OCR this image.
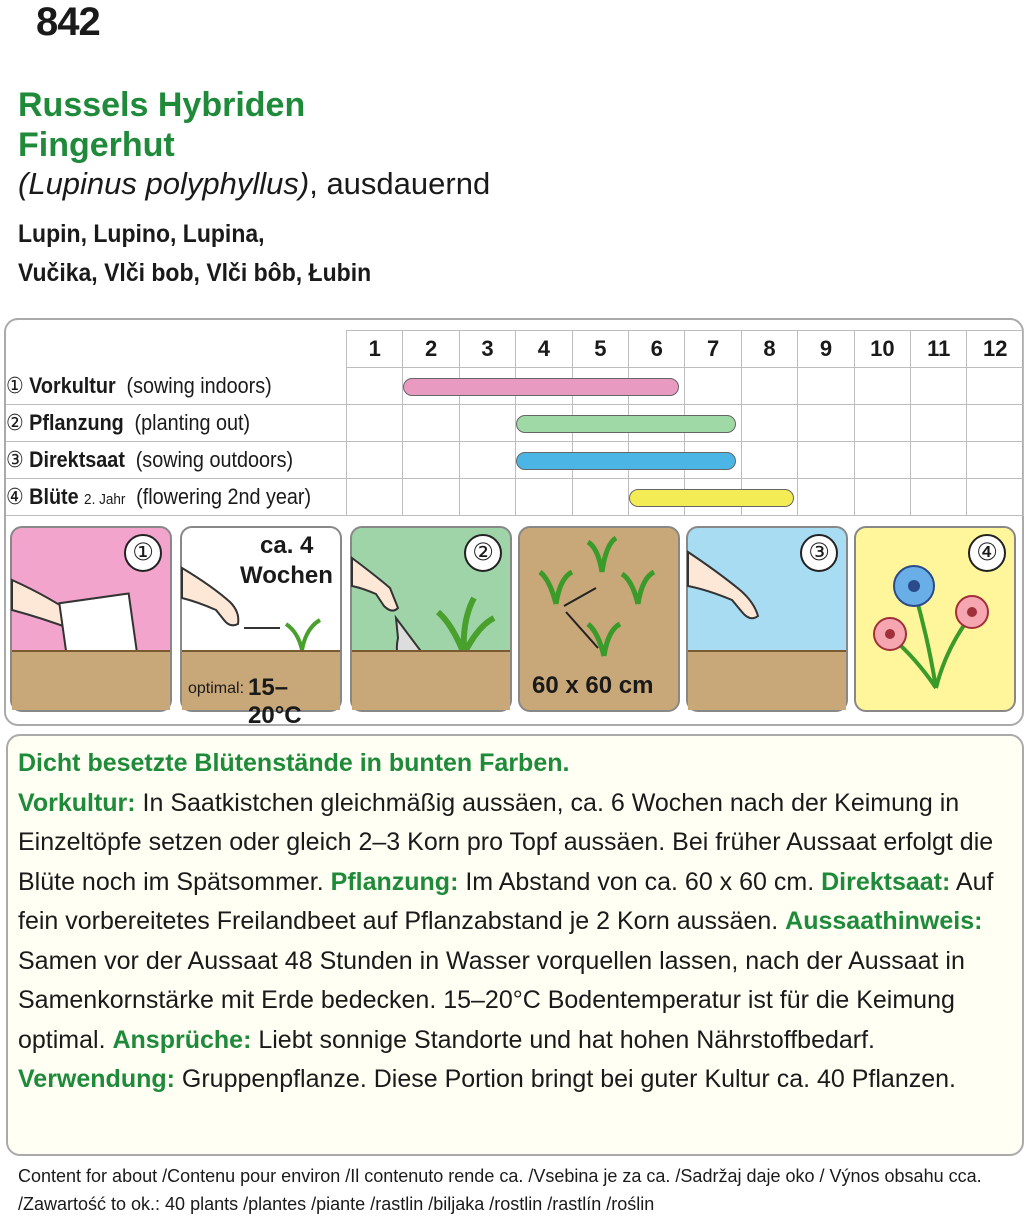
842
Russels Hybriden
Fingerhut
(Lupinus polyphyllus), ausdauernd
Lupin, Lupino, Lupina,
Vučika, Vlči bob, Vlči bôb, Łubin
	1	2	3	4	5	6	7	8	9	10	11	12
① Vorkultur (sowing indoors)		

② Pflanzung (planting out)				

③ Direktsaat (sowing outdoors)				

④ Blüte 2. Jahr (flowering 2nd year)						

①	ca. 4
Wochen
optimal: 15–20°C
②
60 x 60 cm
③	④

Dicht besetzte Blütenstände in bunten Farben.

Vorkultur: In Saatkistchen gleichmäßig aussäen, ca. 6 Wochen nach der Keimung in Einzeltöpfe setzen oder gleich 2–3 Korn pro Topf aussäen. Bei früher Aussaat erfolgt die Blüte noch im Spätsommer. Pflanzung: Im Abstand von ca. 60 x 60 cm. Direktsaat: Auf fein vorbereitetes Freilandbeet auf Pflanzabstand je 2 Korn aussäen. Aussaathinweis: Samen vor der Aussaat 48 Stunden in Wasser vorquellen lassen, nach der Aussaat in Samenkornstärke mit Erde bedecken. 15–20°C Bodentemperatur ist für die Keimung optimal. Ansprüche: Liebt sonnige Standorte und hat hohen Nährstoffbedarf. Verwendung: Gruppenpflanze. Diese Portion bringt bei guter Kultur ca. 40 Pflanzen.

Content for about /Contenu pour environ /Il contenuto rende ca. /Vsebina je za ca. /Sadržaj daje oko / Výnos obsahu cca. /Zawartość to ok.: 40 plants /plantes /piante /rastlin /biljaka /rostlin /rastlín /roślin
